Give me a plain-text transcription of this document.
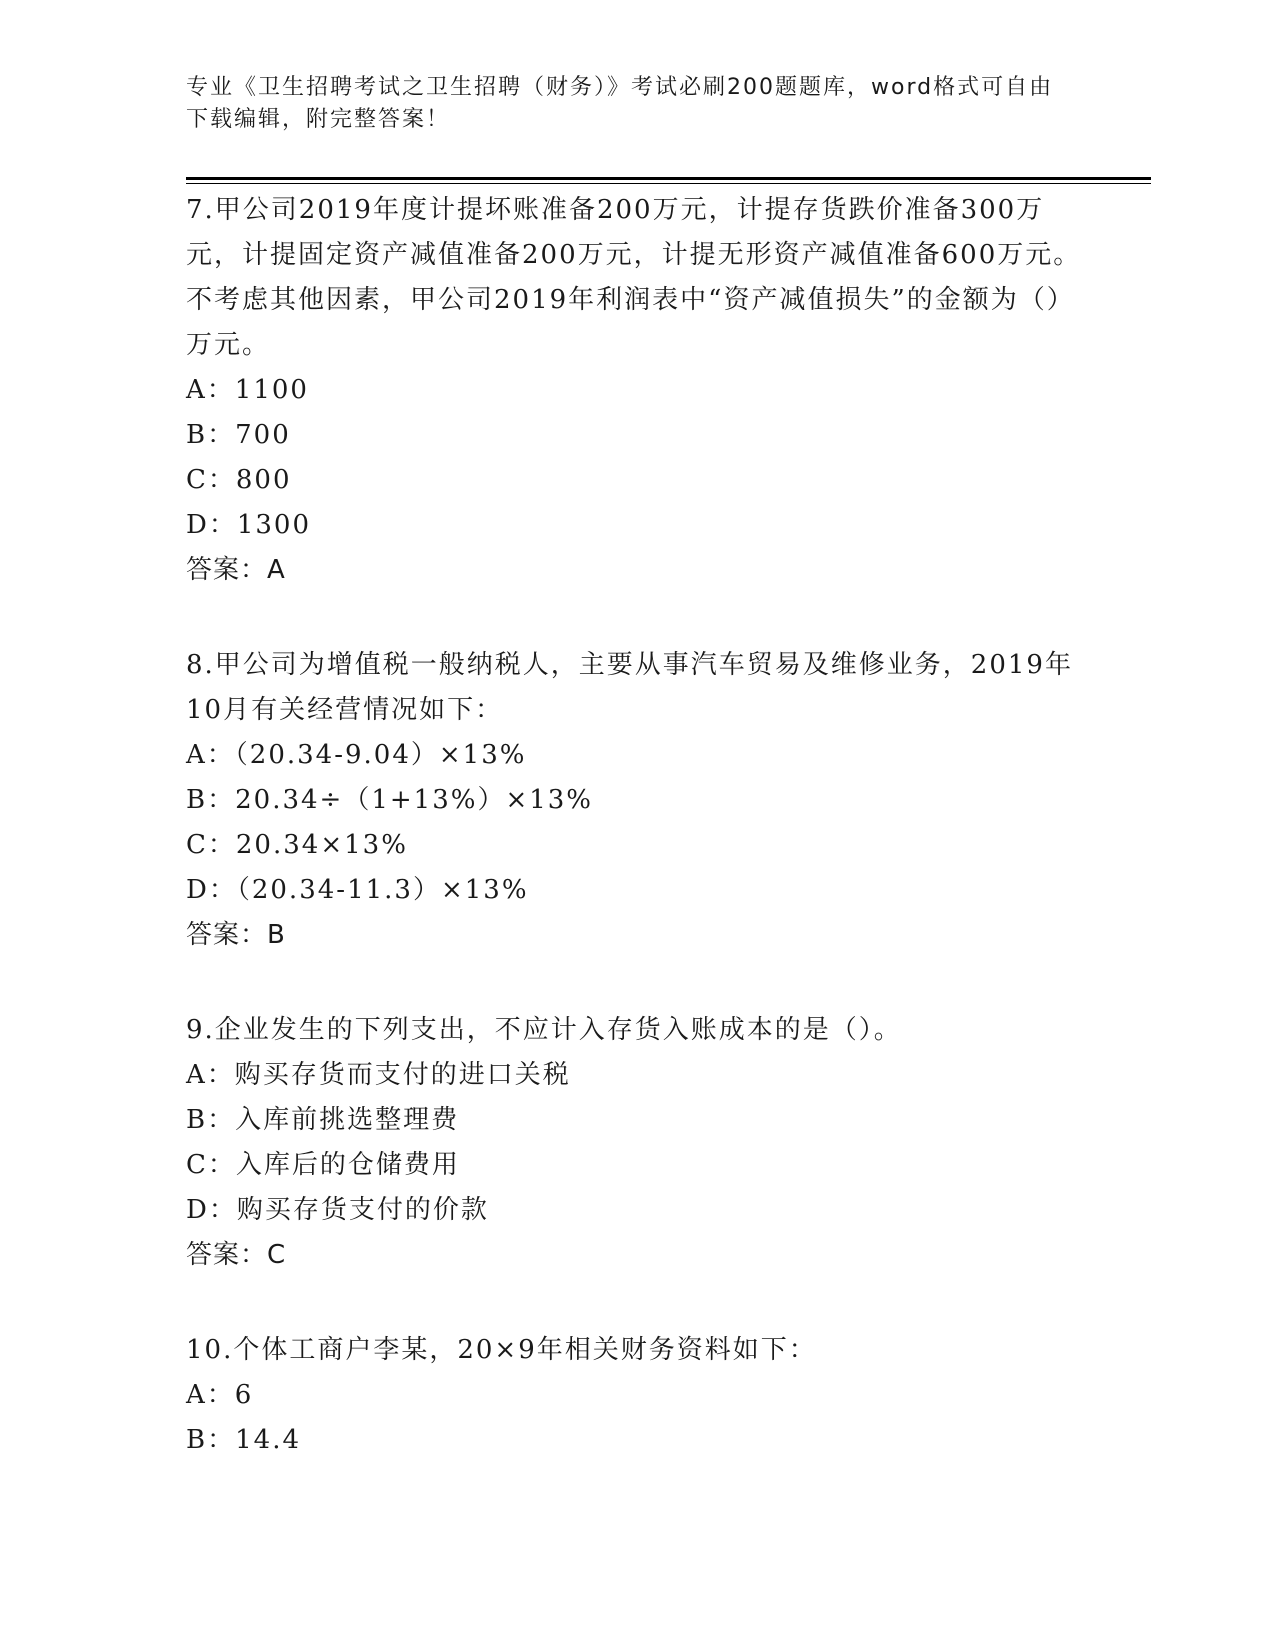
专业《卫生招聘考试之卫生招聘（财务）》考试必刷200题题库，word格式可自由下载编辑，附完整答案！

7.甲公司2019年度计提坏账准备200万元，计提存货跌价准备300万元，计提固定资产减值准备200万元，计提无形资产减值准备600万元。不考虑其他因素，甲公司2019年利润表中“资产减值损失”的金额为（）万元。

A：1100

B：700

C：800

D：1300

答案：A

8.甲公司为增值税一般纳税人，主要从事汽车贸易及维修业务，2019年10月有关经营情况如下：

A：（20.34-9.04）×13%

B：20.34÷（1+13%）×13%

C：20.34×13%

D：（20.34-11.3）×13%

答案：B

9.企业发生的下列支出，不应计入存货入账成本的是（）。

A：购买存货而支付的进口关税

B：入库前挑选整理费

C：入库后的仓储费用

D：购买存货支付的价款

答案：C

10.个体工商户李某，20×9年相关财务资料如下：

A：6

B：14.4
